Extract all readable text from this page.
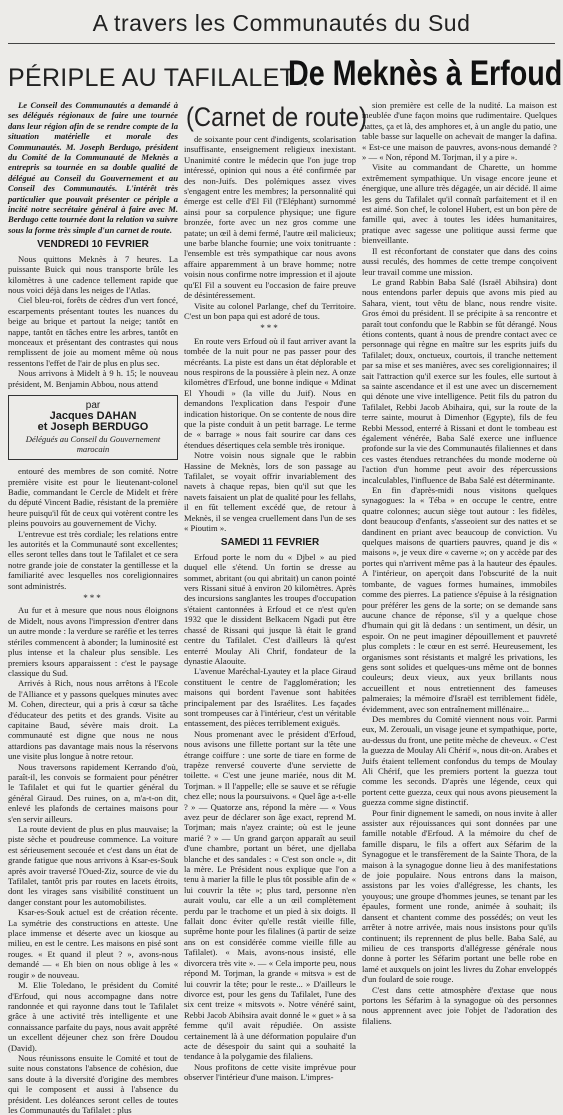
A travers les Communautés du Sud
PÉRIPLE AU TAFILALET :
De Meknès à Erfoud
(Carnet de route)

Le Conseil des Communautés a demandé à ses délégués régionaux de faire une tournée dans leur région afin de se rendre compte de la situation matérielle et morale des Communautés. M. Joseph Berdugo, président du Comité de la Communauté de Meknès a entrepris sa tournée en sa double qualité de délégué au Conseil du Gouvernement et au Conseil des Communautés. L'intérêt très particulier que pouvait présenter ce périple a incité notre secrétaire général à faire avec M. Berdugo cette tournée dont la relation va suivre sous la forme très simple d'un carnet de route.

VENDREDI 10 FEVRIER

Nous quittons Meknès à 7 heures. La puissante Buick qui nous transporte brûle les kilomètres à une cadence tellement rapide que nous voici déjà dans les neiges de l'Atlas.

Ciel bleu-roi, forêts de cèdres d'un vert foncé, escarpements présentant toutes les nuances du beige au brique et partout la neige; tantôt en nappe, tantôt en tâches entre les arbres, tantôt en monceaux et présentant des contrastes qui nous remplissent de joie au moment même où nous ressentons l'effet de l'air de plus en plus sec.

Nous arrivons à Midelt à 9 h. 15; le nouveau président, M. Benjamin Abbou, nous attend

par
Jacques DAHAN
et Joseph BERDUGO
Délégués au Conseil du Gouvernement marocain

entouré des membres de son comité. Notre première visite est pour le lieutenant-colonel Badie, commandant le Cercle de Midelt et frère du député Vincent Badie, résistant de la première heure puisqu'il fût de ceux qui votèrent contre les pleins pouvoirs au gouvernement de Vichy.

L'entrevue est très cordiale; les relations entre les autorités et la Communauté sont excellentes; elles seront telles dans tout le Tafilalet et ce sera notre grande joie de constater la gentillesse et la familiarité avec lesquelles nos coreligionnaires sont administrés.

***

Au fur et à mesure que nous nous éloignons de Midelt, nous avons l'impression d'entrer dans un autre monde : la verdure se raréfie et les terres stériles commencent à abonder; la luminosité est plus intense et la chaleur plus sensible. Les premiers ksours apparaissent : c'est le paysage classique du Sud.

Arrivés à Rich, nous nous arrêtons à l'Ecole de l'Alliance et y passons quelques minutes avec M. Cohen, directeur, qui a pris à cœur sa tâche d'éducateur des petits et des grands. Visite au capitaine Baud, sévère mais droit. La communauté est digne que nous ne nous attardions pas davantage mais nous la réservons une visite plus longue à notre retour.

Nous traversons rapidement Kerrando d'où, paraît-il, les convois se formaient pour pénétrer le Tafilalet et qui fut le quartier général du général Giraud. Des ruines, on a, m'a-t-on dit, enlevé les plafonds de certaines maisons pour s'en servir ailleurs.

La route devient de plus en plus mauvaise; la piste sèche et poudreuse commence. La voiture est sérieusement secouée et c'est dans un état de grande fatigue que nous arrivons à Ksar-es-Souk après avoir traversé l'Oued-Ziz, source de vie du Tafilalet, tantôt pris par routes en lacets étroits, dont les virages sans visibilité constituent un danger constant pour les automobilistes.

Ksar-es-Souk actuel est de création récente. La symétrie des constructions en atteste. Une place immense et déserte avec un kiosque au milieu, en est le centre. Les maisons en pisé sont rouges. « Et quand il pleut ? », avons-nous demandé — « Eh bien on nous oblige à les « rougir » de nouveau.

M. Elie Toledano, le président du Comité d'Erfoud, qui nous accompagne dans notre randonnée et qui rayonne dans tout le Tafilalet grâce à une activité très intelligente et une connaissance parfaite du pays, nous avait apprêté un excellent déjeuner chez son frère Doudou (David).

Nous réunissons ensuite le Comité et tout de suite nous constatons l'absence de cohésion, due sans doute à la diversité d'origine des membres qui le composent et aussi à l'absence du président. Les doléances seront celles de toutes les Communautés du Tafilalet : plus

de soixante pour cent d'indigents, scolarisation insuffisante, enseignement religieux inexistant. Unanimité contre le médecin que l'on juge trop intéressé, opinion qui nous a été confirmée par des non-Juifs. Des polémiques assez vives s'engagent entre les membres; la personnalité qui émerge est celle d'El Fil (l'Eléphant) surnommé ainsi pour sa corpulence physique; une figure bronzée, forte avec un nez gros comme une patate; un œil à demi fermé, l'autre œil malicieux; une barbe blanche fournie; une voix tonitruante : l'ensemble est très sympathique car nous avons affaire apparemment à un brave homme; notre voisin nous confirme notre impression et il ajoute qu'El Fil a souvent eu l'occasion de faire preuve de désintéressement.

Visite au colonel Parlange, chef du Territoire. C'est un bon papa qui est adoré de tous.

***

En route vers Erfoud où il faut arriver avant la tombée de la nuit pour ne pas passer pour des mécréants. La piste est dans un état déplorable et nous respirons de la poussière à plein nez. A onze kilomètres d'Erfoud, une bonne indique « Mdinat El Yhoudi » (la ville du Juif). Nous en demandons l'explication dans l'espoir d'une indication historique. On se contente de nous dire que la piste conduit à un petit barrage. Le terme de « barrage » nous fait sourire car dans ces étendues désertiques cela semble très ironique.

Notre voisin nous signale que le rabbin Hassine de Meknès, lors de son passage au Tafilalet, se voyait offrir invariablement des navets à chaque repas, bien qu'il sut que les navets faisaient un plat de qualité pour les fellahs, il en fût tellement excédé que, de retour à Meknès, il se vengea cruellement dans l'un de ses « Pioutim ».

SAMEDI 11 FEVRIER

Erfoud porte le nom du « Djbel » au pied duquel elle s'étend. Un fortin se dresse au sommet, abritant (ou qui abritait) un canon pointé vers Rissani situé à environ 20 kilomètres. Après des incursions sanglantes les troupes d'occupation s'étaient cantonnées à Erfoud et ce n'est qu'en 1932 que le dissident Belkacem Ngadi put être chassé de Rissani qui jusque là était le grand centre du Tafilalet. C'est d'ailleurs là qu'est enterré Moulay Ali Chrif, fondateur de la dynastie Alaouite.

L'avenue Maréchal-Lyautey et la place Giraud constituent le centre de l'agglomération; les maisons qui bordent l'avenue sont habitées principalement par des Israélites. Les façades sont trompeuses car à l'intérieur, c'est un véritable entassement, des pièces terriblement exiguës.

Nous promenant avec le président d'Erfoud, nous avisons une fillette portant sur la tête une étrange coiffure : une sorte de tiare en forme de trapèze renversé couverte d'une serviette de toilette. « C'est une jeune mariée, nous dit M. Torjman. » Il l'appelle; elle se sauve et se réfugie chez elle; nous la poursuivons. « Quel âge a-t-elle ? » — Quatorze ans, répond la mère — « Vous avez peur de déclarer son âge exact, reprend M. Torjman; mais n'ayez crainte; où est le jeune marié ? » — Un grand garçon apparaît au seuil d'une chambre, portant un béret, une djellaba blanche et des sandales : « C'est son oncle », dit la mère. Le Président nous explique que l'on a tenu à marier la fille le plus tôt possible afin de « lui couvrir la tête »; plus tard, personne n'en aurait voulu, car elle a un œil complètement perdu par le trachome et un pied à six doigts. Il fallait donc éviter qu'elle restât vieille fille, suprême honte pour les filalines (à partir de seize ans on est considérée comme vieille fille au Tafilalet). « Mais, avons-nous insisté, elle divorcera très vite ». — « Cela importe peu, nous répond M. Torjman, la grande « mitsva » est de lui couvrir la tête; pour le reste... » D'ailleurs le divorce est, pour les gens du Tafilalet, l'une des six cent treize « mitsvots ». Notre vénéré saint, Rebbi Jacob Abihsira avait donné le « guet » à sa femme qu'il avait répudiée. On assiste certainement là à une déformation populaire d'un acte de désespoir du saint qui a souhaité la tendance à la polygamie des filaliens.

Nous profitons de cette visite imprévue pour observer l'intérieur d'une maison. L'impres-

sion première est celle de la nudité. La maison est meublée d'une façon moins que rudimentaire. Quelques nattes, ça et là, des amphores et, à un angle du patio, une table basse sur laquelle on achevait de manger la dafina. « Est-ce une maison de pauvres, avons-nous demandé ? » — « Non, répond M. Torjman, il y a pire ».

Visite au commandant de Charette, un homme extrêmement sympathique. Un visage encore jeune et énergique, une allure très dégagée, un air décidé. Il aime les gens du Tafilalet qu'il connaît parfaitement et il en est aimé. Son chef, le colonel Hubert, est un bon père de famille qui, avec à toutes les idées humanitaires, pratique avec sagesse une politique aussi ferme que bienveillante.

Il est réconfortant de constater que dans des coins aussi reculés, des hommes de cette trempe conçoivent leur travail comme une mission.

Le grand Rabbin Baba Salé (Israël Abihsira) dont nous entendons parler depuis que avons mis pied au Sahara, vient, tout vêtu de blanc, nous rendre visite. Gros émoi du président. Il se précipite à sa rencontre et paraît tout confondu que le Rabbin se fût dérangé. Nous étions contents, quant à nous de prendre contact avec ce personnage qui règne en maître sur les esprits juifs du Tafilalet; doux, onctueux, courtois, il tranche nettement par sa mise et ses manières, avec ses coreligionnaires; il sait l'attraction qu'il exerce sur les foules, elle surtout à sa sainte ascendance et il est une avec un discernement qui dénote une vive intelligence. Petit fils du patron du Tafilalet, Rebbi Jacob Abihaira, qui, sur la route de la terre sainte, mourut à Dimenhor (Egypte), fils de feu Rebbi Messod, enterré à Rissani et dont le tombeau est également vénérée, Baba Salé exerce une influence profonde sur la vie des Communautés filaliennes et dans ces vastes étendues retranchées du monde moderne où l'action d'un homme peut avoir des répercussions incalculables, l'influence de Baba Salé est déterminante.

En fin d'après-midi nous visitons quelques synagogues: la « Téba » en occupe le centre, entre quatre colonnes; aucun siège tout autour : les fidèles, dont beaucoup d'enfants, s'asseoient sur des nattes et se dandinent en priant avec beaucoup de conviction. Vu quelques maisons de quartiers pauvres, quand je dis « maisons », je veux dire « caverne »; on y accède par des portes qui n'arrivent même pas à la hauteur des épaules. A l'intérieur, on aperçoit dans l'obscurité de la nuit tombante, de vagues formes humaines, immobiles comme des pierres. La patience s'épuise à la résignation pour préférer les gens de la sorte; on se demande sans aucune chance de réponse, s'il y a quelque chose d'humain qui git là dedans : un sentiment, un désir, un espoir. On ne peut imaginer dépouillement et pauvreté plus complets : le cœur en est serré. Heureusement, les organismes sont résistants et malgré les privations, les gens sont solides et quelques-uns même ont de bonnes couleurs; deux vieux, aux yeux brillants nous accueillent et nous entretiennent des fameuses palmeraies; la mémoire d'Israël est terriblement fidèle, évidemment, avec son entraînement millénaire...

Des membres du Comité viennent nous voir. Parmi eux, M. Zerouali, un visage jeune et sympathique, porte, au-dessus du front, une petite mèche de cheveux. « C'est la guezza de Moulay Ali Chérif », nous dit-on. Arabes et Juifs étaient tellement confondus du temps de Moulay Ali Chérif, que les premiers portent la guezza tout comme les seconds. D'après une légende, ceux qui portent cette guezza, ceux qui nous avons pieusement la guezza comme signe distinctif.

Pour finir dignement le samedi, on nous invite à aller assister aux réjouissances qui sont données par une famille notable d'Erfoud. A la mémoire du chef de famille disparu, le fils a offert aux Séfarim de la Synagogue et le transfèrement de la Sainte Thora, de la maison à la synagogue donne lieu à des manifestations de joie populaire. Nous entrons dans la maison, assistons par les voies d'allégresse, les chants, les youyous; une groupe d'hommes jeunes, se tenant par les épaules, forment une ronde, animée à souhait; ils dansent et chantent comme des possédés; on veut les arrêter à notre arrivée, mais nous insistons pour qu'ils continuent; ils reprennent de plus belle. Baba Salé, au milieu de ces transports d'allégresse générale nous donne à porter les Séfarim portant une belle robe en lamé et auxquels on joint les livres du Zohar enveloppés d'un foulard de soie rouge.

C'est dans cette atmosphère d'extase que nous portons les Séfarim à la synagogue où des personnes nous apprennent avec joie l'objet de l'adoration des filaliens.
